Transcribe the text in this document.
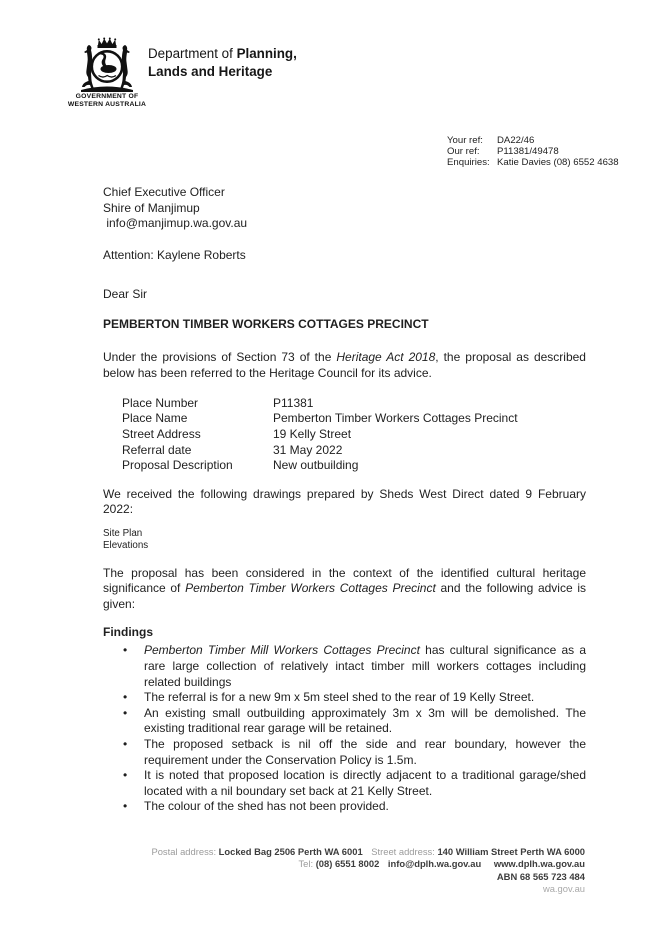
GOVERNMENT OF
WESTERN AUSTRALIA
Department of Planning,
Lands and Heritage
Your ref:	DA22/46
Our ref:	P11381/49478
Enquiries: Katie Davies (08) 6552 4638
Chief Executive Officer
Shire of Manjimup
info@manjimup.wa.gov.au
Attention: Kaylene Roberts
Dear Sir
PEMBERTON TIMBER WORKERS COTTAGES PRECINCT

Under the provisions of Section 73 of the Heritage Act 2018, the proposal as described below has been referred to the Heritage Council for its advice.

Place Number	P11381
Place Name	Pemberton Timber Workers Cottages Precinct
Street Address	19 Kelly Street
Referral date	31 May 2022
Proposal Description	New outbuilding

We received the following drawings prepared by Sheds West Direct dated 9 February 2022:

Site Plan
Elevations

The proposal has been considered in the context of the identified cultural heritage significance of Pemberton Timber Workers Cottages Precinct and the following advice is given:

Findings
•	Pemberton Timber Mill Workers Cottages Precinct has cultural significance as a rare large collection of relatively intact timber mill workers cottages including related buildings
•	The referral is for a new 9m x 5m steel shed to the rear of 19 Kelly Street.
•	An existing small outbuilding approximately 3m x 3m will be demolished. The existing traditional rear garage will be retained.
•	The proposed setback is nil off the side and rear boundary, however the requirement under the Conservation Policy is 1.5m.
•	It is noted that proposed location is directly adjacent to a traditional garage/shed located with a nil boundary set back at 21 Kelly Street.
•	The colour of the shed has not been provided.
Postal address: Locked Bag 2506 Perth WA 6001 Street address: 140 William Street Perth WA 6000
Tel: (08) 6551 8002 info@dplh.wa.gov.au www.dplh.wa.gov.au
ABN 68 565 723 484
wa.gov.au
